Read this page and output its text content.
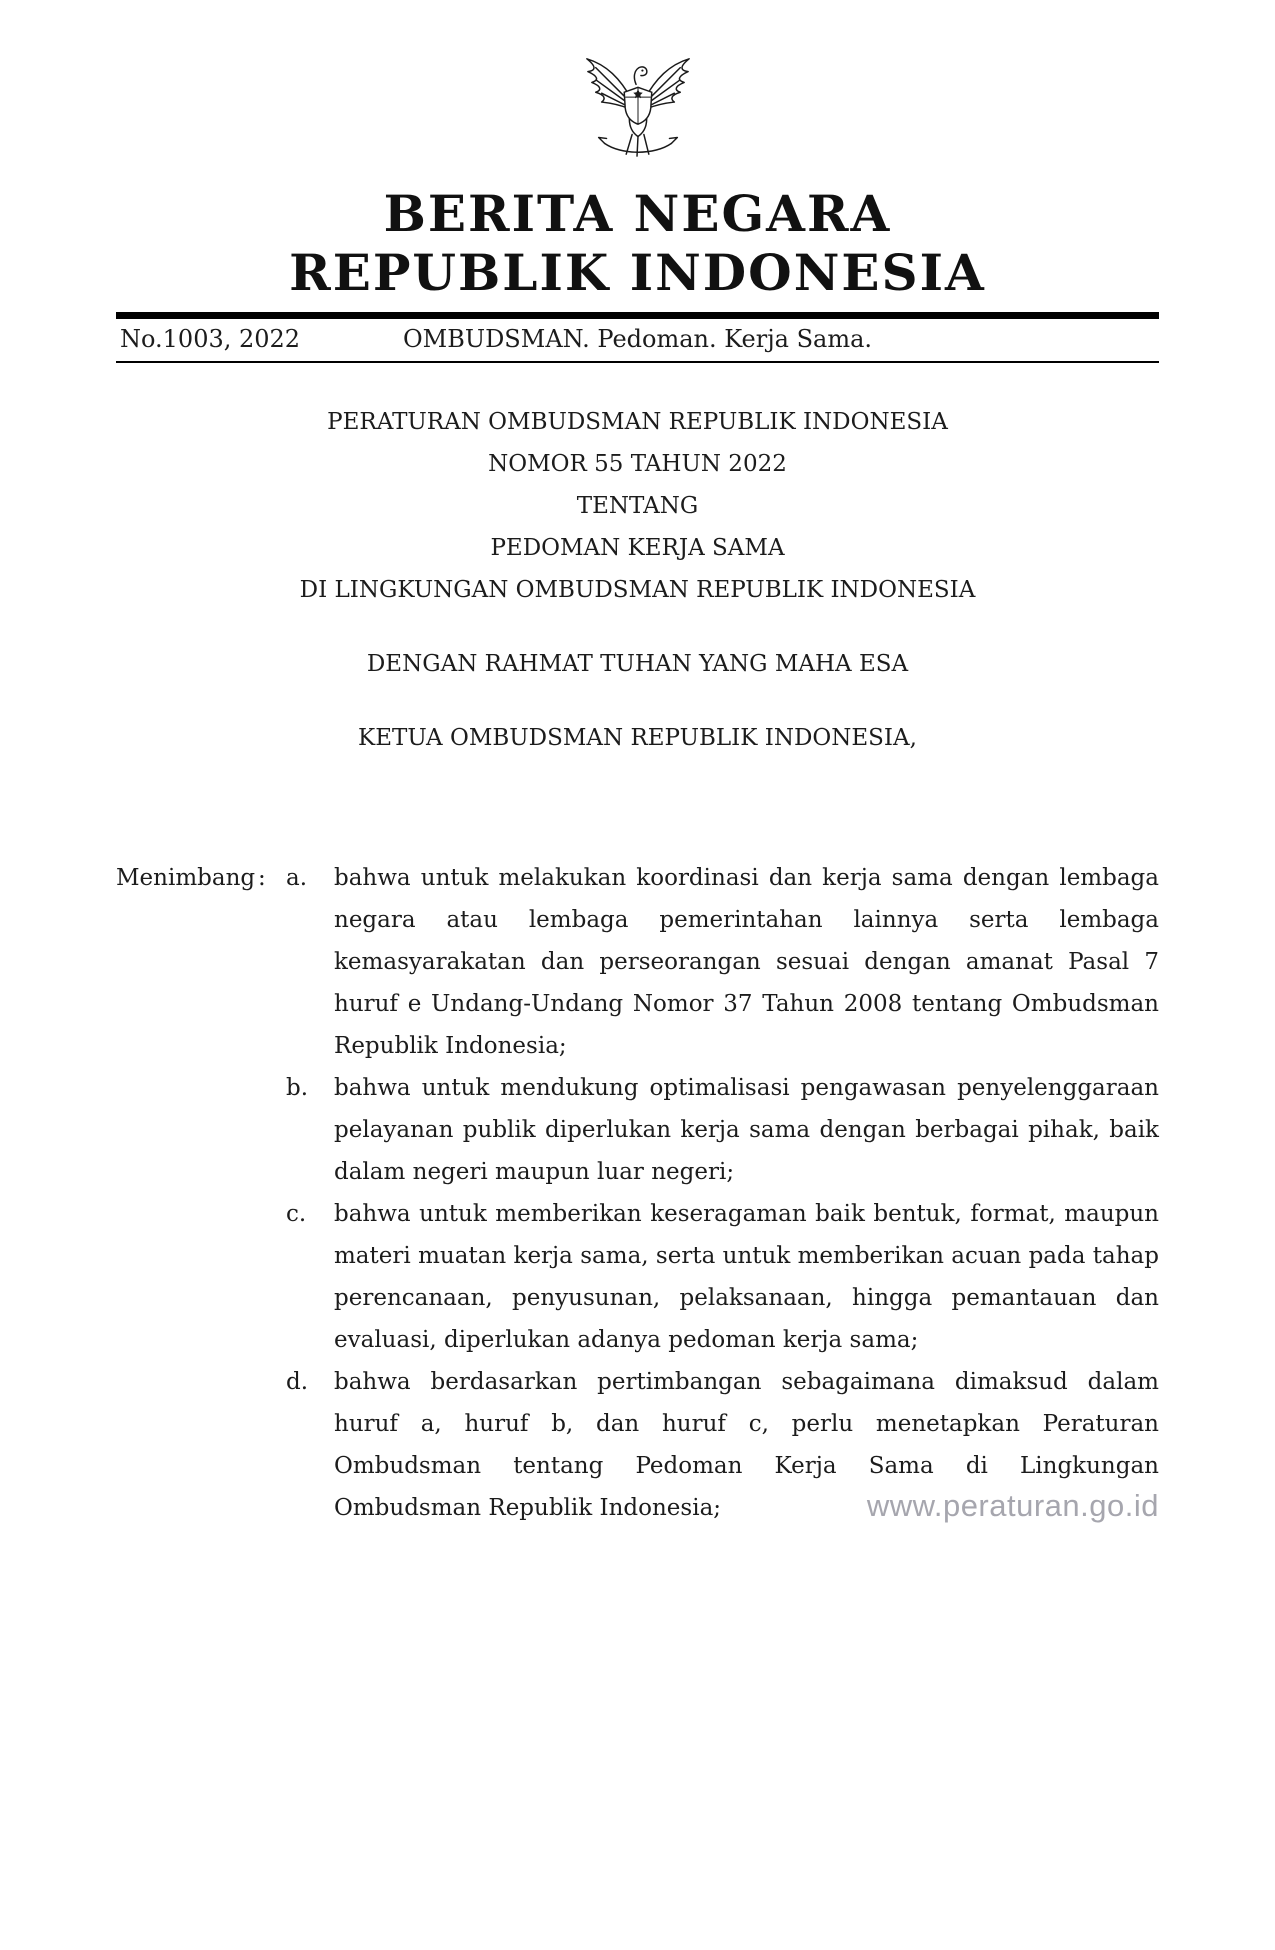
BERITA NEGARA
REPUBLIK INDONESIA
No.1003, 2022	OMBUDSMAN. Pedoman. Kerja Sama.
PERATURAN OMBUDSMAN REPUBLIK INDONESIA
NOMOR 55 TAHUN 2022
TENTANG
PEDOMAN KERJA SAMA
DI LINGKUNGAN OMBUDSMAN REPUBLIK INDONESIA
DENGAN RAHMAT TUHAN YANG MAHA ESA
KETUA OMBUDSMAN REPUBLIK INDONESIA,
Menimbang : a.	bahwa untuk melakukan koordinasi dan kerja sama dengan lembaga negara atau lembaga pemerintahan lainnya serta lembaga kemasyarakatan dan perseorangan sesuai dengan amanat Pasal 7 huruf e Undang-Undang Nomor 37 Tahun 2008 tentang Ombudsman Republik Indonesia;
b.	bahwa untuk mendukung optimalisasi pengawasan penyelenggaraan pelayanan publik diperlukan kerja sama dengan berbagai pihak, baik dalam negeri maupun luar negeri;
c.	bahwa untuk memberikan keseragaman baik bentuk, format, maupun materi muatan kerja sama, serta untuk memberikan acuan pada tahap perencanaan, penyusunan, pelaksanaan, hingga pemantauan dan evaluasi, diperlukan adanya pedoman kerja sama;
d.	bahwa berdasarkan pertimbangan sebagaimana dimaksud dalam huruf a, huruf b, dan huruf c, perlu menetapkan Peraturan Ombudsman tentang Pedoman Kerja Sama di Lingkungan Ombudsman Republik Indonesia;	www.peraturan.go.id
